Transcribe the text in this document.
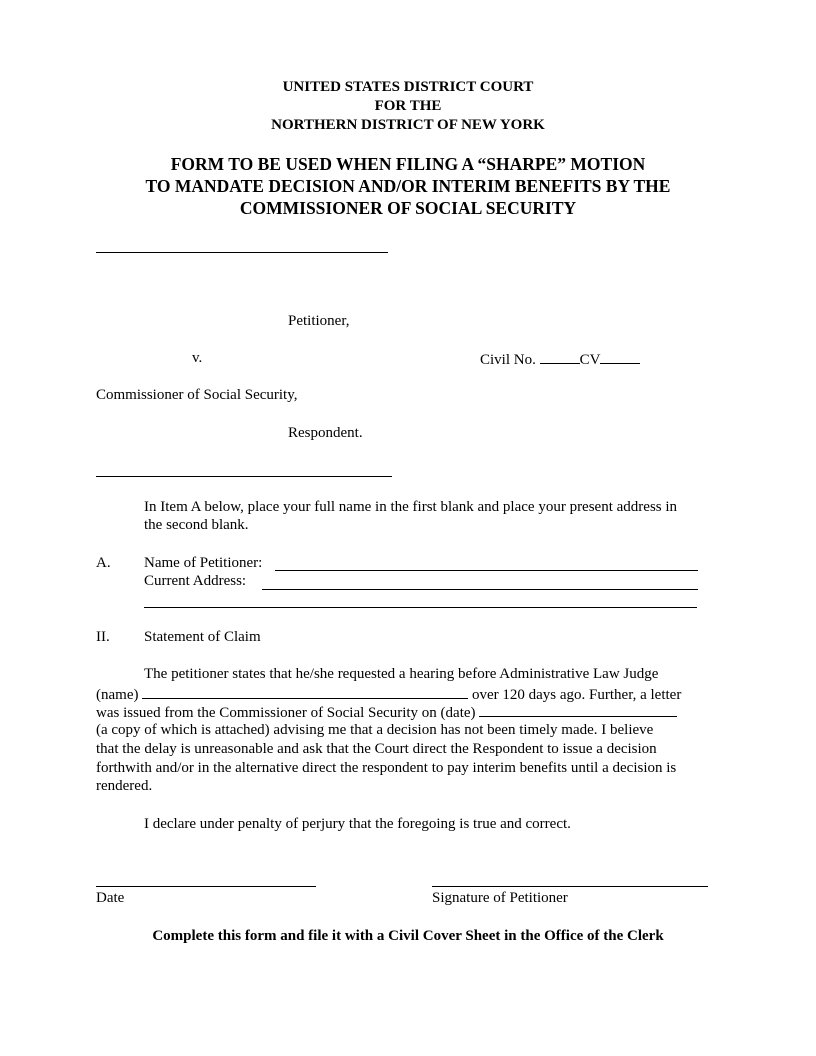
UNITED STATES DISTRICT COURT
FOR THE
NORTHERN DISTRICT OF NEW YORK
FORM TO BE USED WHEN FILING A “SHARPE” MOTION
TO MANDATE DECISION AND/OR INTERIM BENEFITS BY THE
COMMISSIONER OF SOCIAL SECURITY
Petitioner,
v.	Civil No.	CV
Commissioner of Social Security,
Respondent.
In Item A below, place your full name in the first blank and place your present address in
the second blank.
A. Name of Petitioner:
Current Address:
II. Statement of Claim
The petitioner states that he/she requested a hearing before Administrative Law Judge
(name)	over 120 days ago. Further, a letter
was issued from the Commissioner of Social Security on (date)
(a copy of which is attached) advising me that a decision has not been timely made. I believe
that the delay is unreasonable and ask that the Court direct the Respondent to issue a decision
forthwith and/or in the alternative direct the respondent to pay interim benefits until a decision is
rendered.
I declare under penalty of perjury that the foregoing is true and correct.
Date	Signature of Petitioner
Complete this form and file it with a Civil Cover Sheet in the Office of the Clerk
